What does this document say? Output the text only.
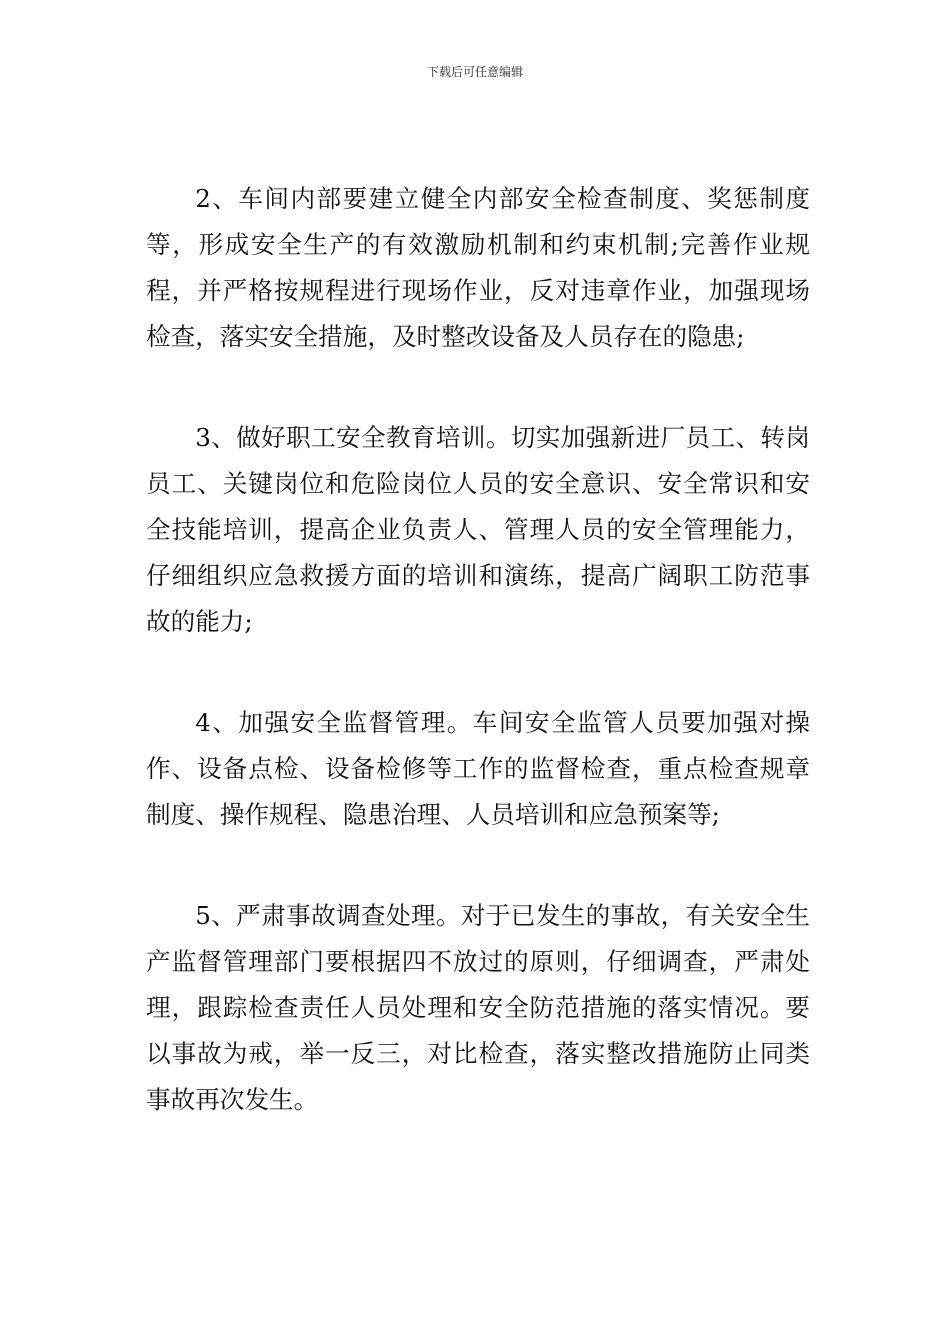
下载后可任意编辑

2、车间内部要建立健全内部安全检查制度、奖惩制度等，形成安全生产的有效激励机制和约束机制;完善作业规程，并严格按规程进行现场作业，反对违章作业，加强现场检查，落实安全措施，及时整改设备及人员存在的隐患;

3、做好职工安全教育培训。切实加强新进厂员工、转岗员工、关键岗位和危险岗位人员的安全意识、安全常识和安全技能培训，提高企业负责人、管理人员的安全管理能力，仔细组织应急救援方面的培训和演练，提高广阔职工防范事故的能力;

4、加强安全监督管理。车间安全监管人员要加强对操作、设备点检、设备检修等工作的监督检查，重点检查规章制度、操作规程、隐患治理、人员培训和应急预案等;

5、严肃事故调查处理。对于已发生的事故，有关安全生产监督管理部门要根据四不放过的原则，仔细调查，严肃处理，跟踪检查责任人员处理和安全防范措施的落实情况。要以事故为戒，举一反三，对比检查，落实整改措施防止同类事故再次发生。
